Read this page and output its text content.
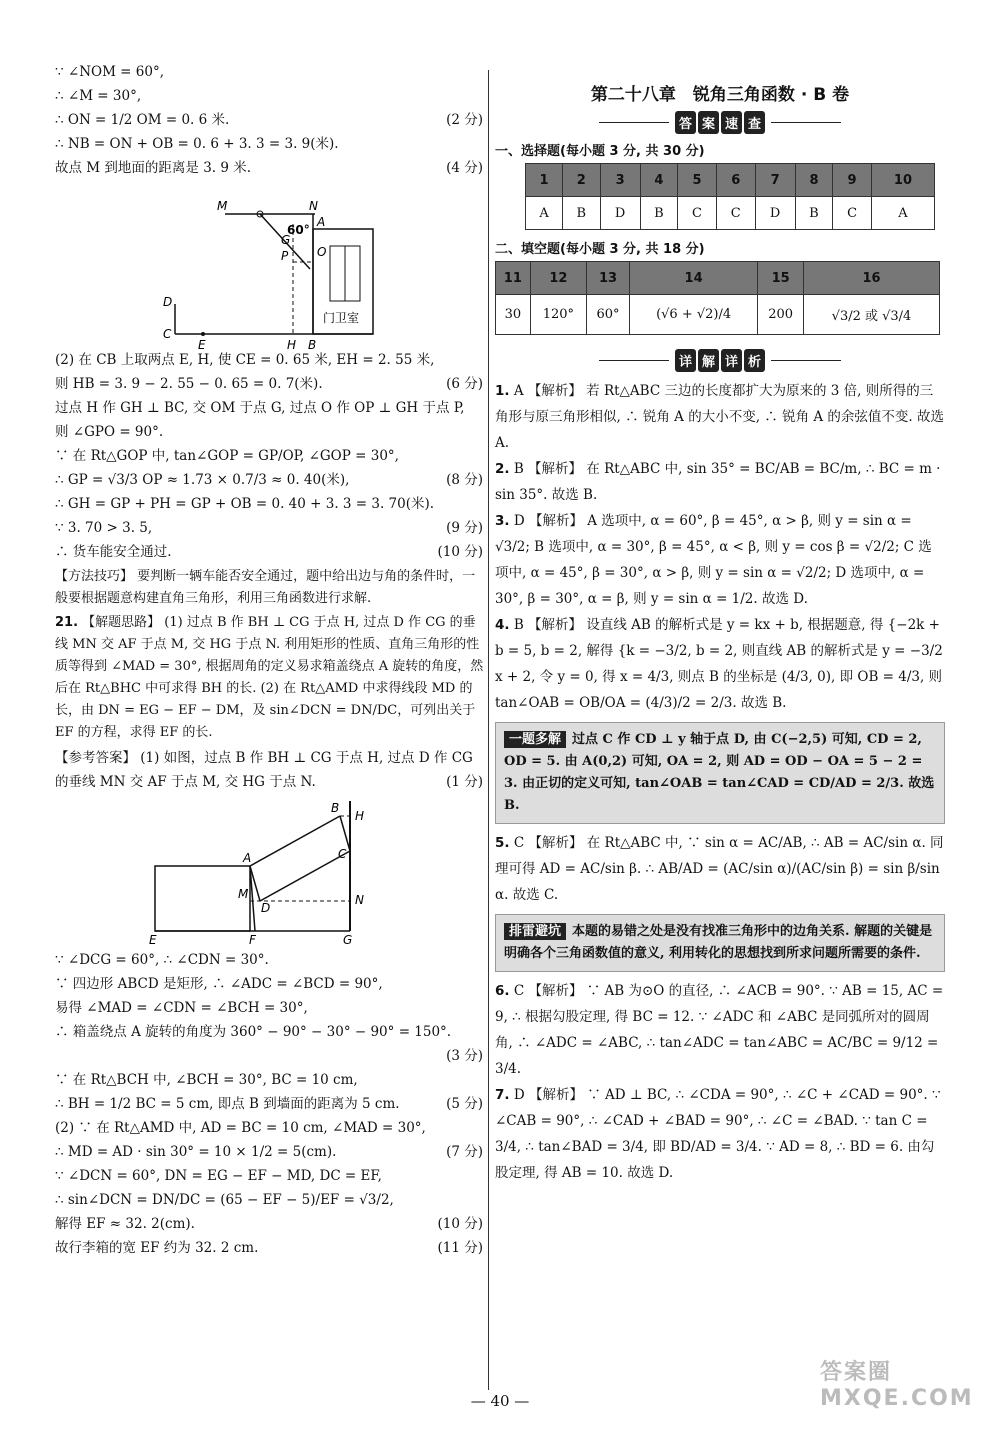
∵ ∠NOM = 60°,
∴ ∠M = 30°,
∴ ON = 1/2 OM = 0. 6 米.	(2 分)
∴ NB = ON + OB = 0. 6 + 3. 3 = 3. 9(米).
故点 M 到地面的距离是 3. 9 米.	(4 分)
M	N
A
G
P O
60°
D
C
E	H B
门卫室
(2) 在 CB 上取两点 E, H, 使 CE = 0. 65 米, EH = 2. 55 米,
则 HB = 3. 9 − 2. 55 − 0. 65 = 0. 7(米).	(6 分)
过点 H 作 GH ⊥ BC, 交 OM 于点 G, 过点 O 作 OP ⊥ GH 于点 P,
则 ∠GPO = 90°.
∵ 在 Rt△GOP 中, tan∠GOP = GP/OP, ∠GOP = 30°,
∴ GP = √3/3 OP ≈ 1.73 × 0.7/3 ≈ 0. 40(米),	(8 分)
∴ GH = GP + PH = GP + OB = 0. 40 + 3. 3 = 3. 70(米).
∵ 3. 70 > 3. 5,	(9 分)
∴ 货车能安全通过.	(10 分)

【方法技巧】 要判断一辆车能否安全通过，题中给出边与角的条件时，一般要根据题意构建直角三角形，利用三角函数进行求解.

21. 【解题思路】 (1) 过点 B 作 BH ⊥ CG 于点 H, 过点 D 作 CG 的垂线 MN 交 AF 于点 M, 交 HG 于点 N. 利用矩形的性质、直角三角形的性质等得到 ∠MAD = 30°, 根据周角的定义易求箱盖绕点 A 旋转的角度，然后在 Rt△BHC 中可求得 BH 的长. (2) 在 Rt△AMD 中求得线段 MD 的长，由 DN = EG − EF − DM，及 sin∠DCN = DN/DC，可列出关于 EF 的方程，求得 EF 的长.

【参考答案】 (1) 如图，过点 B 作 BH ⊥ CG 于点 H, 过点 D 作 CG
的垂线 MN 交 AF 于点 M, 交 HG 于点 N.	(1 分)
B
H
A	C
M
D
N
E	F	G
∵ ∠DCG = 60°, ∴ ∠CDN = 30°.
∵ 四边形 ABCD 是矩形, ∴ ∠ADC = ∠BCD = 90°,
易得 ∠MAD = ∠CDN = ∠BCH = 30°,
∴ 箱盖绕点 A 旋转的角度为 360° − 90° − 30° − 90° = 150°.
(3 分)
∵ 在 Rt△BCH 中, ∠BCH = 30°, BC = 10 cm,
∴ BH = 1/2 BC = 5 cm, 即点 B 到墙面的距离为 5 cm.	(5 分)
(2) ∵ 在 Rt△AMD 中, AD = BC = 10 cm, ∠MAD = 30°,
∴ MD = AD · sin 30° = 10 × 1/2 = 5(cm).	(7 分)
∵ ∠DCN = 60°, DN = EG − EF − MD, DC = EF,
∴ sin∠DCN = DN/DC = (65 − EF − 5)/EF = √3/2,
解得 EF ≈ 32. 2(cm).	(10 分)
故行李箱的宽 EF 约为 32. 2 cm.	(11 分)
第二十八章　锐角三角函数 · B 卷
答 案 速 查
一、选择题(每小题 3 分, 共 30 分)
1	2	3	4	5	6	7	8	9	10
A	B	D	B	C	C	D	B	C	A
二、填空题(每小题 3 分, 共 18 分)
11	12	13	14	15	16
30	120°	60°	(√6 + √2)/4	200	√3/2 或 √3/4
详 解 详 析

1. A 【解析】 若 Rt△ABC 三边的长度都扩大为原来的 3 倍, 则所得的三角形与原三角形相似, ∴ 锐角 A 的大小不变, ∴ 锐角 A 的余弦值不变. 故选 A.

2. B 【解析】 在 Rt△ABC 中, sin 35° = BC/AB = BC/m, ∴ BC = m · sin 35°. 故选 B.

3. D 【解析】 A 选项中, α = 60°, β = 45°, α > β, 则 y = sin α = √3/2; B 选项中, α = 30°, β = 45°, α < β, 则 y = cos β = √2/2; C 选项中, α = 45°, β = 30°, α > β, 则 y = sin α = √2/2; D 选项中, α = 30°, β = 30°, α = β, 则 y = sin α = 1/2. 故选 D.

4. B 【解析】 设直线 AB 的解析式是 y = kx + b, 根据题意, 得 {−2k + b = 5, b = 2, 解得 {k = −3/2, b = 2, 则直线 AB 的解析式是 y = −3/2 x + 2, 令 y = 0, 得 x = 4/3, 则点 B 的坐标是 (4/3, 0), 即 OB = 4/3, 则 tan∠OAB = OB/OA = (4/3)/2 = 2/3. 故选 B.

一题多解 过点 C 作 CD ⊥ y 轴于点 D, 由 C(−2,5) 可知, CD = 2, OD = 5. 由 A(0,2) 可知, OA = 2, 则 AD = OD − OA = 5 − 2 = 3. 由正切的定义可知, tan∠OAB = tan∠CAD = CD/AD = 2/3. 故选 B.

5. C 【解析】 在 Rt△ABC 中, ∵ sin α = AC/AB, ∴ AB = AC/sin α. 同理可得 AD = AC/sin β. ∴ AB/AD = (AC/sin α)/(AC/sin β) = sin β/sin α. 故选 C.

排雷避坑 本题的易错之处是没有找准三角形中的边角关系. 解题的关键是明确各个三角函数值的意义, 利用转化的思想找到所求问题所需要的条件.

6. C 【解析】 ∵ AB 为⊙O 的直径, ∴ ∠ACB = 90°. ∵ AB = 15, AC = 9, ∴ 根据勾股定理, 得 BC = 12. ∵ ∠ADC 和 ∠ABC 是同弧所对的圆周角, ∴ ∠ADC = ∠ABC, ∴ tan∠ADC = tan∠ABC = AC/BC = 9/12 = 3/4.

7. D 【解析】 ∵ AD ⊥ BC, ∴ ∠CDA = 90°, ∴ ∠C + ∠CAD = 90°. ∵ ∠CAB = 90°, ∴ ∠CAD + ∠BAD = 90°, ∴ ∠C = ∠BAD. ∵ tan C = 3/4, ∴ tan∠BAD = 3/4, 即 BD/AD = 3/4. ∵ AD = 8, ∴ BD = 6. 由勾股定理, 得 AB = 10. 故选 D.

— 40 —
答案圈
MXQE.COM
